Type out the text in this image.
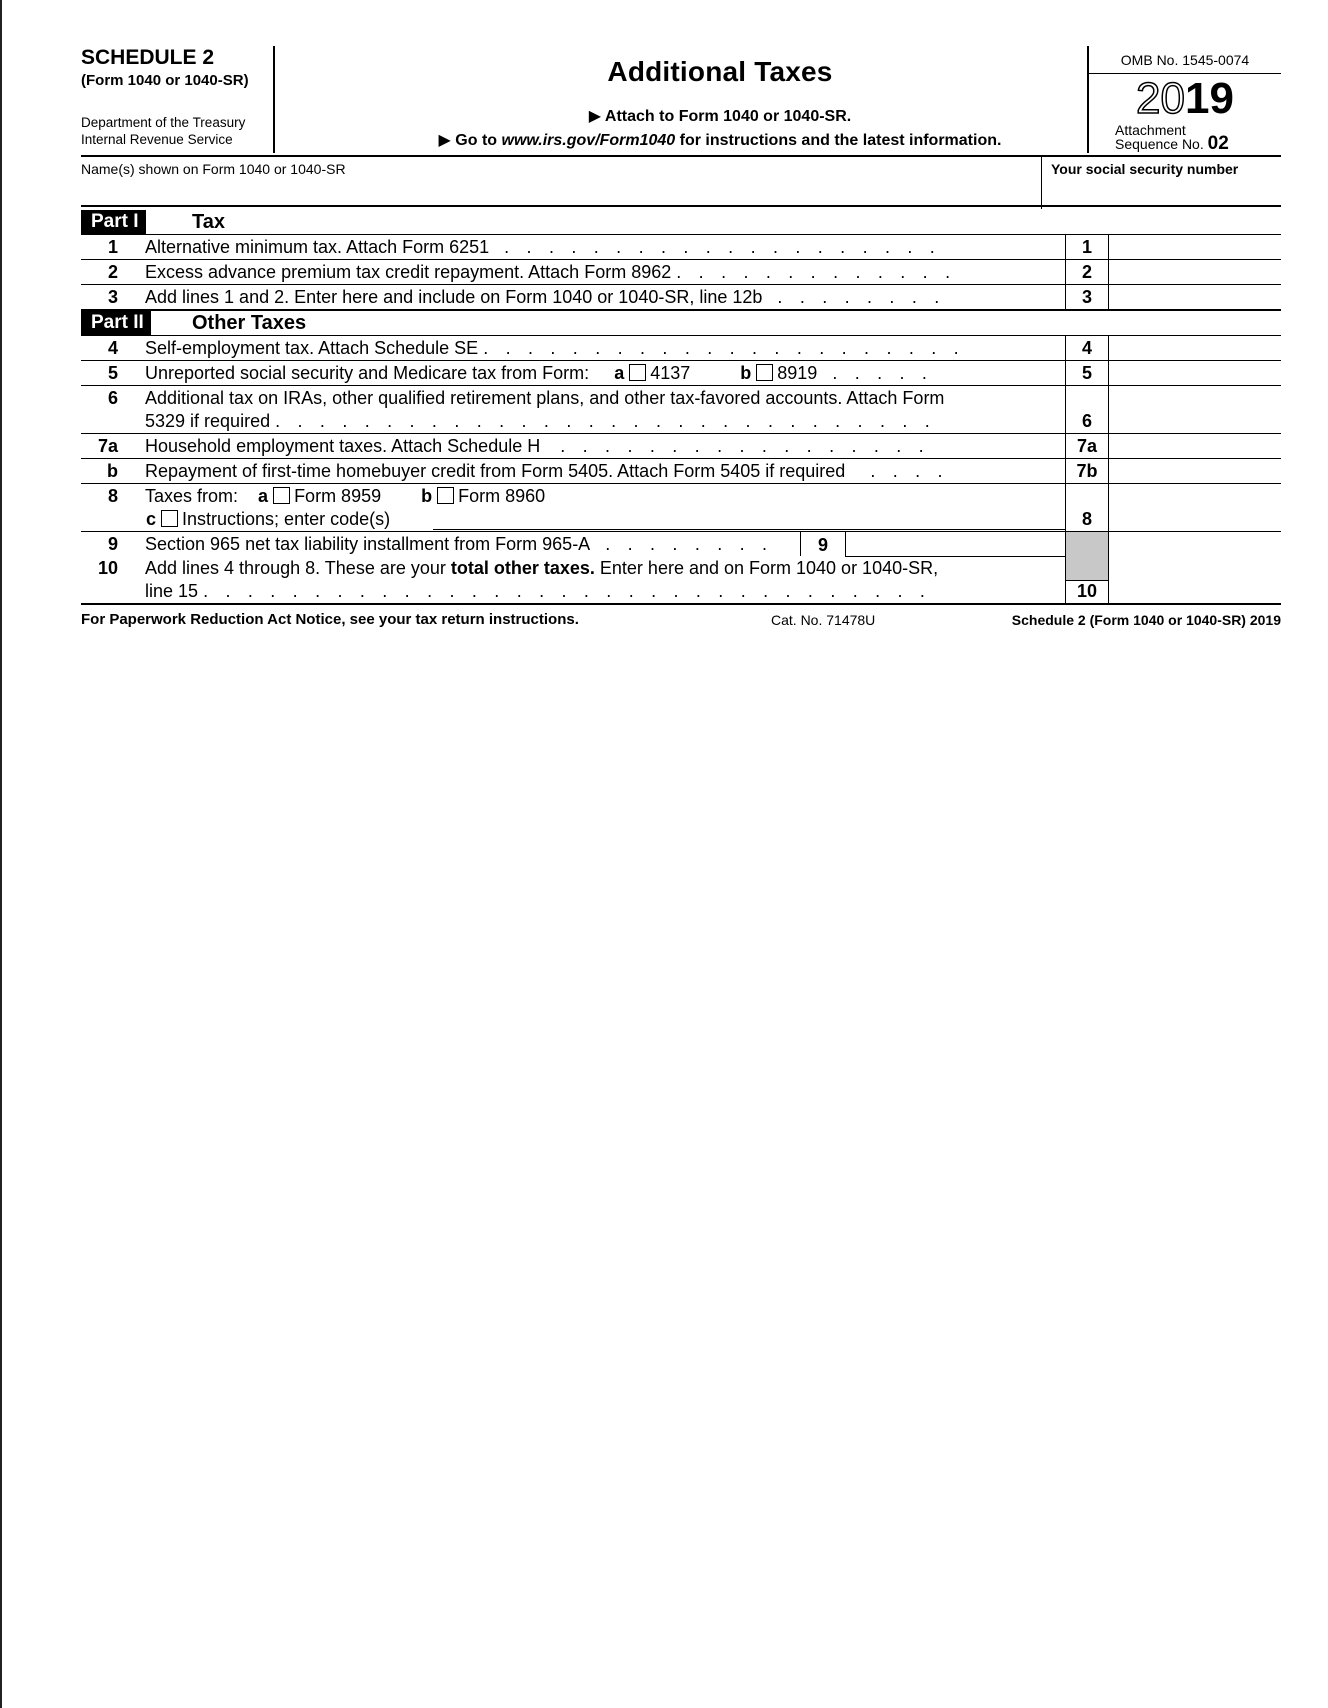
SCHEDULE 2
(Form 1040 or 1040-SR)
Department of the Treasury
Internal Revenue Service
Additional Taxes
▶ Attach to Form 1040 or 1040-SR.
▶ Go to www.irs.gov/Form1040 for instructions and the latest information.
OMB No. 1545-0074
2019
Attachment
Sequence No. 02
Name(s) shown on Form 1040 or 1040-SR	Your social security number
Part I	Tax
1 Alternative minimum tax. Attach Form 6251 . . . . . . . . . . . . . . . . . . . .	1
2 Excess advance premium tax credit repayment. Attach Form 8962 . . . . . . . . . . . . .	2
3 Add lines 1 and 2. Enter here and include on Form 1040 or 1040-SR, line 12b . . . . . . . .	3
Part II	Other Taxes
4 Self-employment tax. Attach Schedule SE . . . . . . . . . . . . . . . . . . . . . .	4
5 Unreported social security and Medicare tax from Form: a 4137	b 8919 . . . . .	5
6 Additional tax on IRAs, other qualified retirement plans, and other tax-favored accounts. Attach Form
5329 if required . . . . . . . . . . . . . . . . . . . . . . . . . . . . . .	6
7a Household employment taxes. Attach Schedule H . . . . . . . . . . . . . . . . .	7a
b Repayment of first-time homebuyer credit from Form 5405. Attach Form 5405 if required . . . .	7b
8 Taxes from: a Form 8959 b Form 8960
c Instructions; enter code(s)	8
9 Section 965 net tax liability installment from Form 965-A . . . . . . . .	9
10 Add lines 4 through 8. These are your total other taxes. Enter here and on Form 1040 or 1040-SR,
line 15 . . . . . . . . . . . . . . . . . . . . . . . . . . . . . . . . .	10
For Paperwork Reduction Act Notice, see your tax return instructions.	Cat. No. 71478U	Schedule 2 (Form 1040 or 1040-SR) 2019
